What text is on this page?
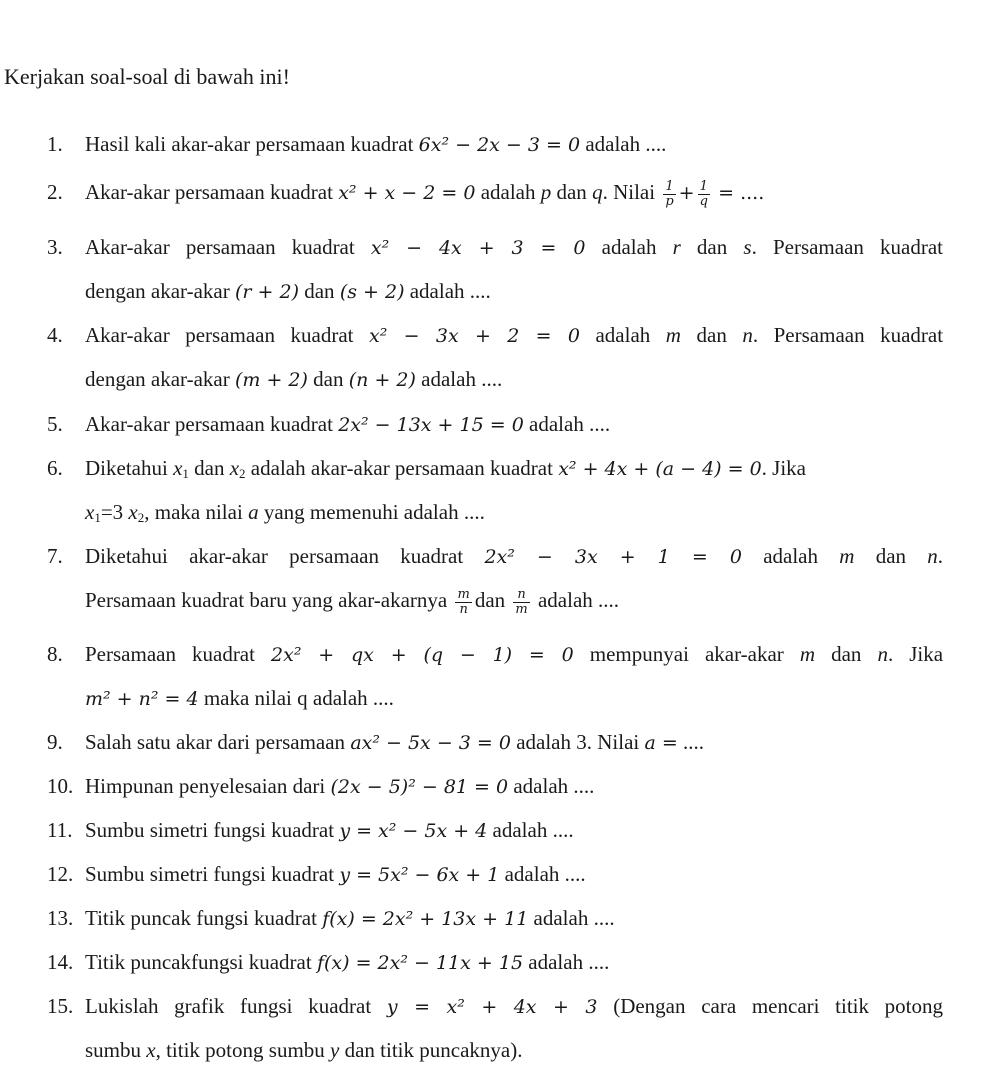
Kerjakan soal-soal di bawah ini!
1. Hasil kali akar-akar persamaan kuadrat 6x² − 2x − 3 = 0 adalah ....
2. Akar-akar persamaan kuadrat x² + x − 2 = 0 adalah p dan q. Nilai $\frac{1}{p} + \frac{1}{q}$ = ....
3. Akar-akar persamaan kuadrat x² − 4x + 3 = 0 adalah r dan s. Persamaan kuadrat
dengan akar-akar (r + 2) dan (s + 2) adalah ....
4. Akar-akar persamaan kuadrat x² − 3x + 2 = 0 adalah m dan n. Persamaan kuadrat
dengan akar-akar (m + 2) dan (n + 2) adalah ....
5. Akar-akar persamaan kuadrat 2x² − 13x + 15 = 0 adalah ....
6. Diketahui $x_1$ dan $x_2$ adalah akar-akar persamaan kuadrat x² + 4x + (a − 4) = 0. Jika
$x_1=3$ $x_2$, maka nilai a yang memenuhi adalah ....
7. Diketahui akar-akar persamaan kuadrat 2x² − 3x + 1 = 0 adalah m dan n.
Persamaan kuadrat baru yang akar-akarnya $\frac{m}{n}$ dan $\frac{n}{m}$ adalah ....
8. Persamaan kuadrat 2x² + qx + (q − 1) = 0 mempunyai akar-akar m dan n. Jika
m² + n² = 4 maka nilai q adalah ....
9. Salah satu akar dari persamaan ax² − 5x − 3 = 0 adalah 3. Nilai a = ....
10. Himpunan penyelesaian dari (2x − 5)² − 81 = 0 adalah ....
11. Sumbu simetri fungsi kuadrat y = x² − 5x + 4 adalah ....
12. Sumbu simetri fungsi kuadrat y = 5x² − 6x + 1 adalah ....
13. Titik puncak fungsi kuadrat f(x) = 2x² + 13x + 11 adalah ....
14. Titik puncakfungsi kuadrat f(x) = 2x² − 11x + 15 adalah ....
15. Lukislah grafik fungsi kuadrat y = x² + 4x + 3 (Dengan cara mencari titik potong
sumbu x, titik potong sumbu y dan titik puncaknya).
